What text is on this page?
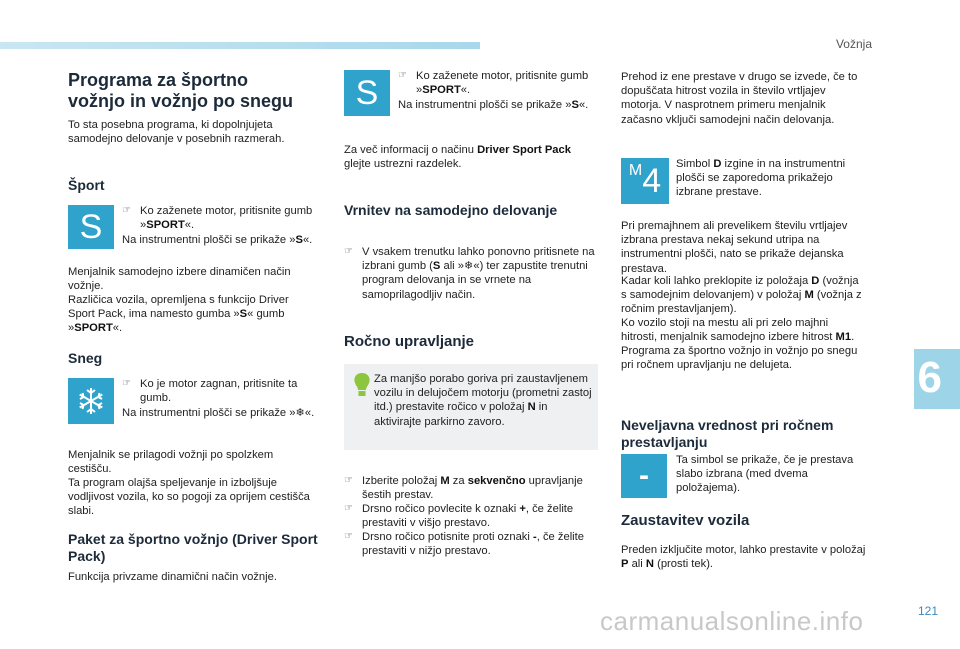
Vožnja
6
121
carmanualsonline.info
Programa za športno vožnjo in vožnjo po snegu

To sta posebna programa, ki dopolnjujeta samodejno delovanje v posebnih razmerah.

Šport
S ☞ Ko zaženete motor, pritisnite gumb »SPORT«.

Na instrumentni plošči se prikaže »S«.

Menjalnik samodejno izbere dinamičen način vožnje.

Različica vozila, opremljena s funkcijo Driver Sport Pack, ima namesto gumba »S« gumb »SPORT«.

Sneg
☞ Ko je motor zagnan, pritisnite ta gumb.

Na instrumentni plošči se prikaže »❄«.

Menjalnik se prilagodi vožnji po spolzkem cestišču.

Ta program olajša speljevanje in izboljšuje vodljivost vozila, ko so pogoji za oprijem cestišča slabi.

Paket za športno vožnjo (Driver Sport Pack)

Funkcija privzame dinamični način vožnje.

S ☞ Ko zaženete motor, pritisnite gumb »SPORT«.

Na instrumentni plošči se prikaže »S«.

Za več informacij o načinu Driver Sport Pack glejte ustrezni razdelek.

Vrnitev na samodejno delovanje
☞ V vsakem trenutku lahko ponovno pritisnete na izbrani gumb (S ali »❄«) ter zapustite trenutni program delovanja in se vrnete na samoprilagodljiv način.
Ročno upravljanje

Za manjšo porabo goriva pri zaustavljenem vozilu in delujočem motorju (prometni zastoj itd.) prestavite ročico v položaj N in aktivirajte parkirno zavoro.

☞ Izberite položaj M za sekvenčno upravljanje šestih prestav.
☞ Drsno ročico povlecite k oznaki +, če želite prestaviti v višjo prestavo.
☞ Drsno ročico potisnite proti oznaki -, če želite prestaviti v nižjo prestavo.

Prehod iz ene prestave v drugo se izvede, če to dopuščata hitrost vozila in število vrtljajev motorja. V nasprotnem primeru menjalnik začasno vključi samodejni način delovanja.

M 4 Simbol D izgine in na instrumentni plošči se zaporedoma prikažejo izbrane prestave.

Pri premajhnem ali prevelikem številu vrtljajev izbrana prestava nekaj sekund utripa na instrumentni plošči, nato se prikaže dejanska prestava.

Kadar koli lahko preklopite iz položaja D (vožnja s samodejnim delovanjem) v položaj M (vožnja z ročnim prestavljanjem).

Ko vozilo stoji na mestu ali pri zelo majhni hitrosti, menjalnik samodejno izbere hitrost M1.

Programa za športno vožnjo in vožnjo po snegu pri ročnem upravljanju ne delujeta.

Neveljavna vrednost pri ročnem prestavljanju
- Ta simbol se prikaže, če je prestava slabo izbrana (med dvema položajema).

Zaustavitev vozila

Preden izključite motor, lahko prestavite v položaj P ali N (prosti tek).
